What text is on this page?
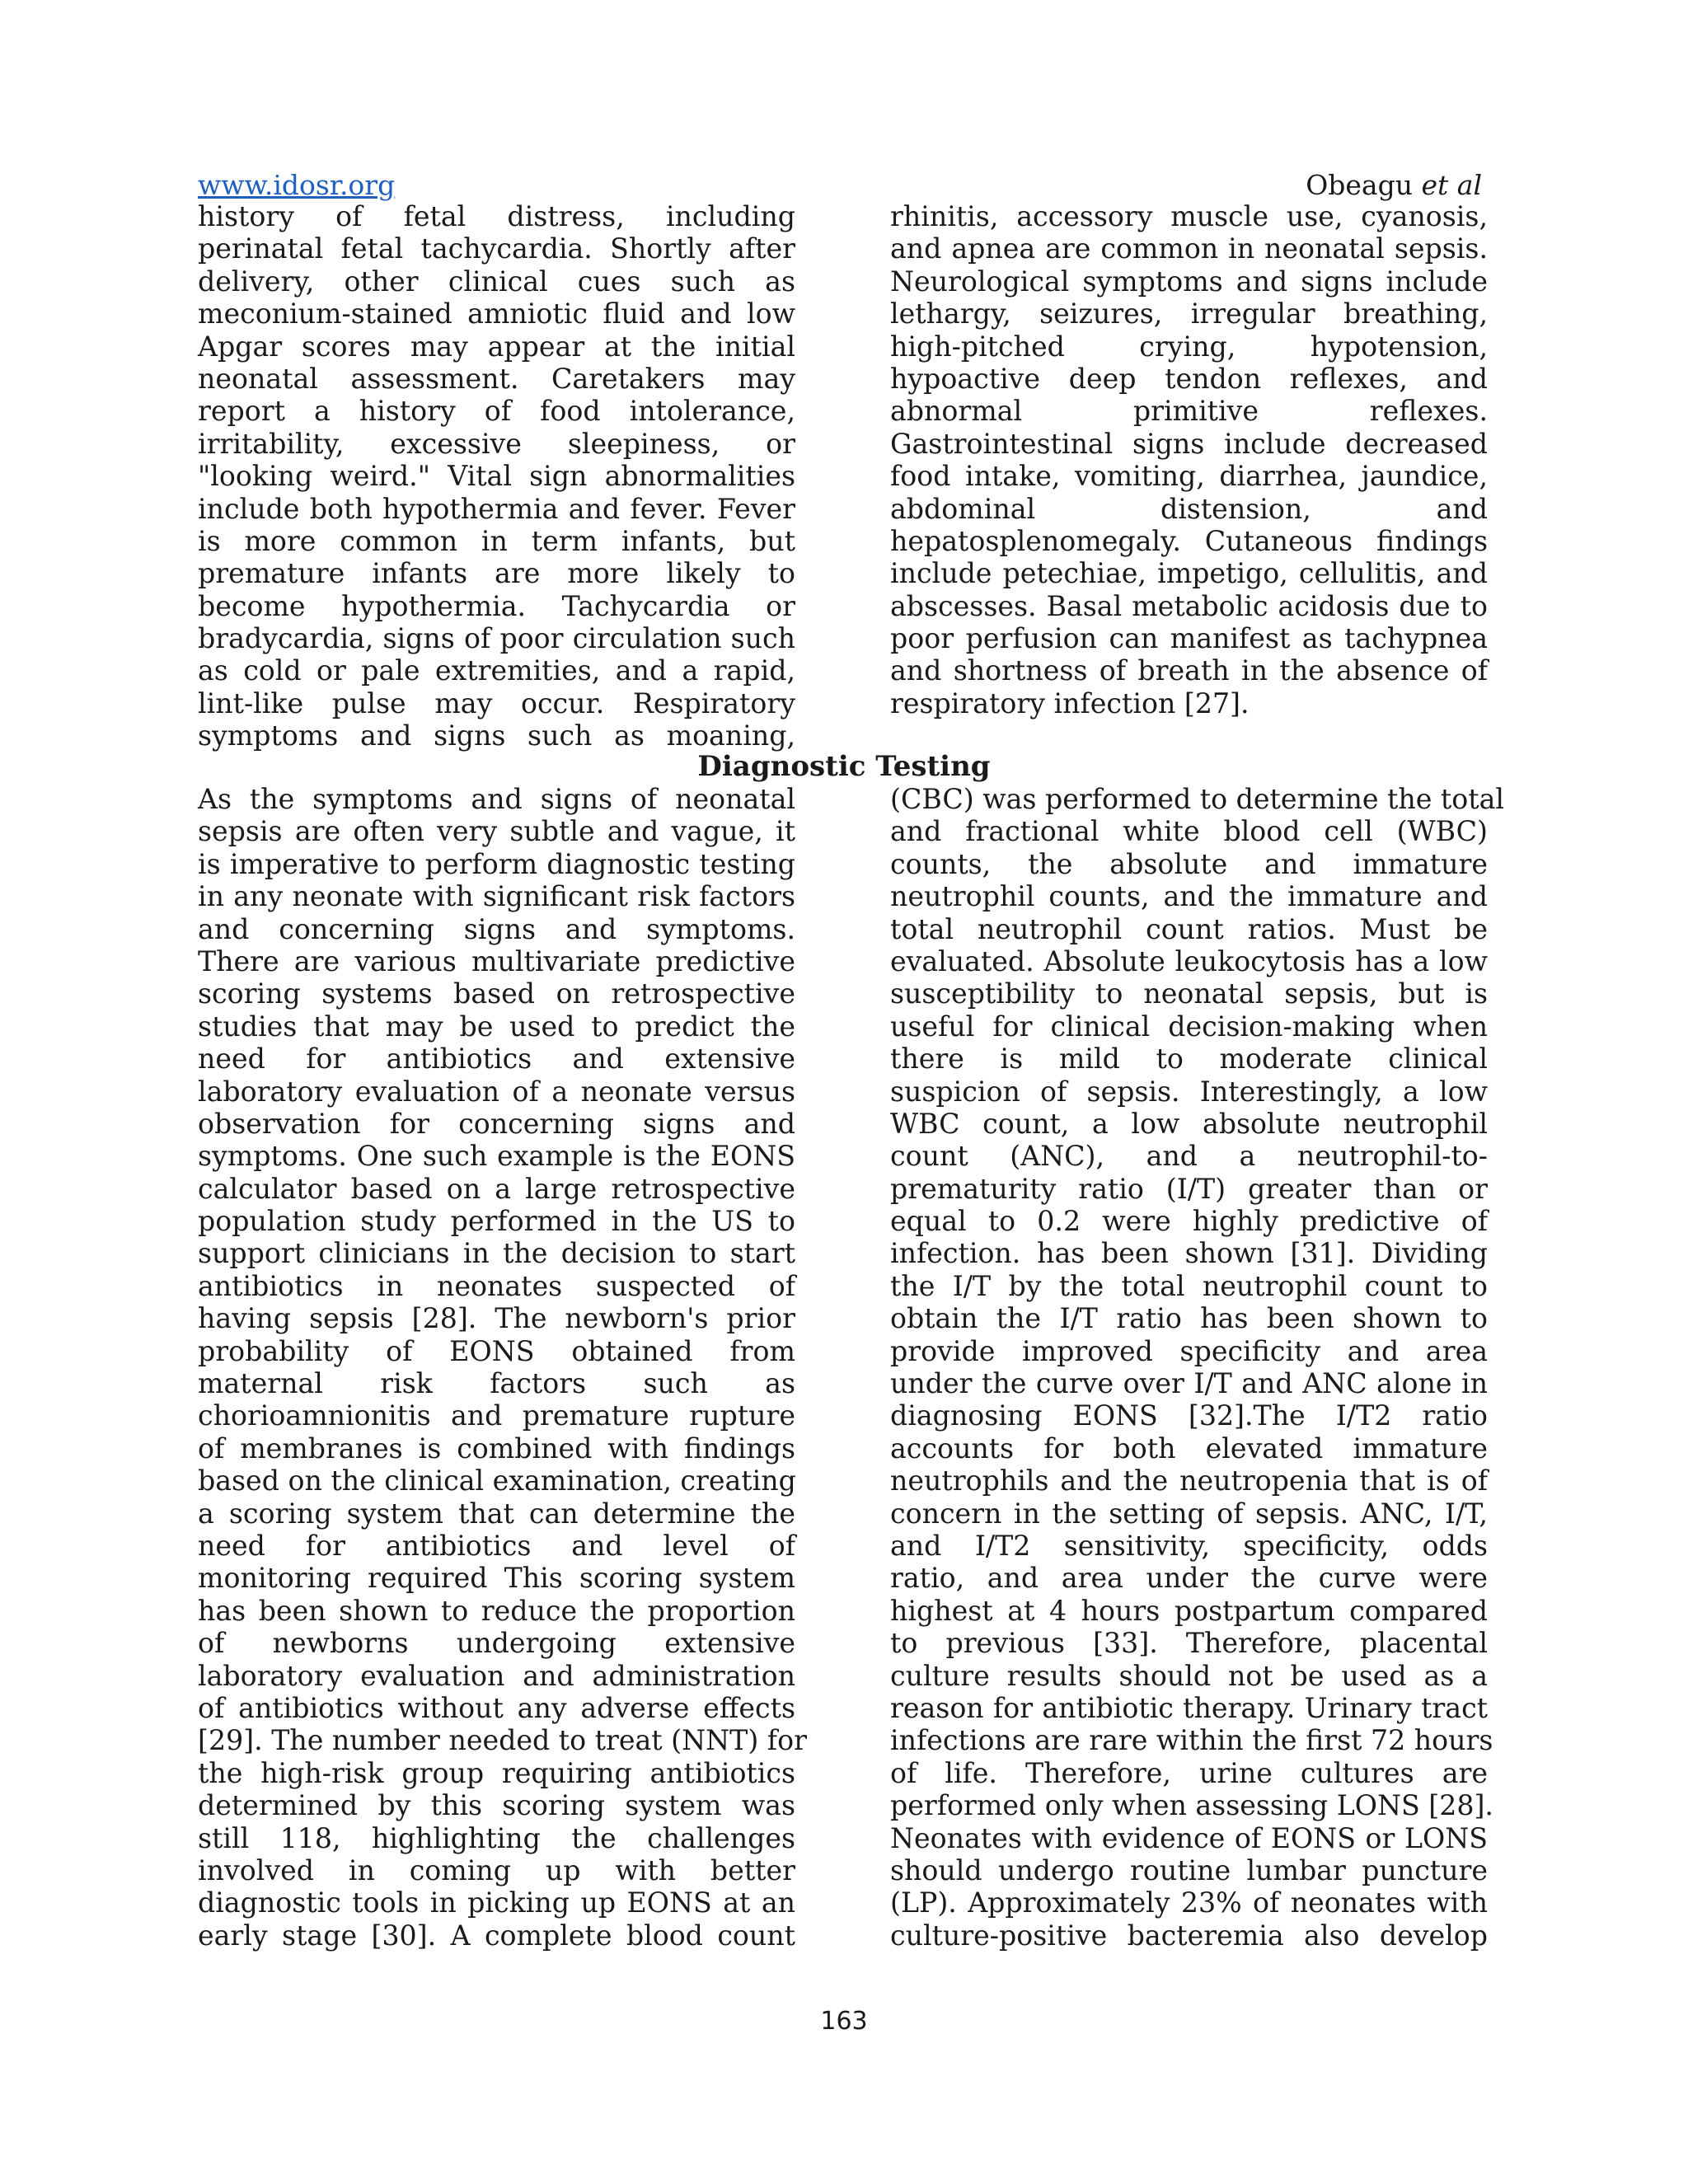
www.idosr.org	Obeagu et al
history of fetal distress, including
perinatal fetal tachycardia. Shortly after
delivery, other clinical cues such as
meconium-stained amniotic fluid and low
Apgar scores may appear at the initial
neonatal assessment. Caretakers may
report a history of food intolerance,
irritability, excessive sleepiness, or
"looking weird." Vital sign abnormalities
include both hypothermia and fever. Fever
is more common in term infants, but
premature infants are more likely to
become hypothermia. Tachycardia or
bradycardia, signs of poor circulation such
as cold or pale extremities, and a rapid,
lint-like pulse may occur. Respiratory
symptoms and signs such as moaning,
rhinitis, accessory muscle use, cyanosis,
and apnea are common in neonatal sepsis.
Neurological symptoms and signs include
lethargy, seizures, irregular breathing,
high-pitched crying, hypotension,
hypoactive deep tendon reflexes, and
abnormal primitive reflexes.
Gastrointestinal signs include decreased
food intake, vomiting, diarrhea, jaundice,
abdominal distension, and
hepatosplenomegaly. Cutaneous findings
include petechiae, impetigo, cellulitis, and
abscesses. Basal metabolic acidosis due to
poor perfusion can manifest as tachypnea
and shortness of breath in the absence of
respiratory infection [27].
Diagnostic Testing
As the symptoms and signs of neonatal
sepsis are often very subtle and vague, it
is imperative to perform diagnostic testing
in any neonate with significant risk factors
and concerning signs and symptoms.
There are various multivariate predictive
scoring systems based on retrospective
studies that may be used to predict the
need for antibiotics and extensive
laboratory evaluation of a neonate versus
observation for concerning signs and
symptoms. One such example is the EONS
calculator based on a large retrospective
population study performed in the US to
support clinicians in the decision to start
antibiotics in neonates suspected of
having sepsis [28]. The newborn's prior
probability of EONS obtained from
maternal risk factors such as
chorioamnionitis and premature rupture
of membranes is combined with findings
based on the clinical examination, creating
a scoring system that can determine the
need for antibiotics and level of
monitoring required This scoring system
has been shown to reduce the proportion
of newborns undergoing extensive
laboratory evaluation and administration
of antibiotics without any adverse effects
[29]. The number needed to treat (NNT) for
the high-risk group requiring antibiotics
determined by this scoring system was
still 118, highlighting the challenges
involved in coming up with better
diagnostic tools in picking up EONS at an
early stage [30]. A complete blood count
(CBC) was performed to determine the total
and fractional white blood cell (WBC)
counts, the absolute and immature
neutrophil counts, and the immature and
total neutrophil count ratios. Must be
evaluated. Absolute leukocytosis has a low
susceptibility to neonatal sepsis, but is
useful for clinical decision-making when
there is mild to moderate clinical
suspicion of sepsis. Interestingly, a low
WBC count, a low absolute neutrophil
count (ANC), and a neutrophil-to-
prematurity ratio (I/T) greater than or
equal to 0.2 were highly predictive of
infection. has been shown [31]. Dividing
the I/T by the total neutrophil count to
obtain the I/T ratio has been shown to
provide improved specificity and area
under the curve over I/T and ANC alone in
diagnosing EONS [32].The I/T2 ratio
accounts for both elevated immature
neutrophils and the neutropenia that is of
concern in the setting of sepsis. ANC, I/T,
and I/T2 sensitivity, specificity, odds
ratio, and area under the curve were
highest at 4 hours postpartum compared
to previous [33]. Therefore, placental
culture results should not be used as a
reason for antibiotic therapy. Urinary tract
infections are rare within the first 72 hours
of life. Therefore, urine cultures are
performed only when assessing LONS [28].
Neonates with evidence of EONS or LONS
should undergo routine lumbar puncture
(LP). Approximately 23% of neonates with
culture-positive bacteremia also develop
163
